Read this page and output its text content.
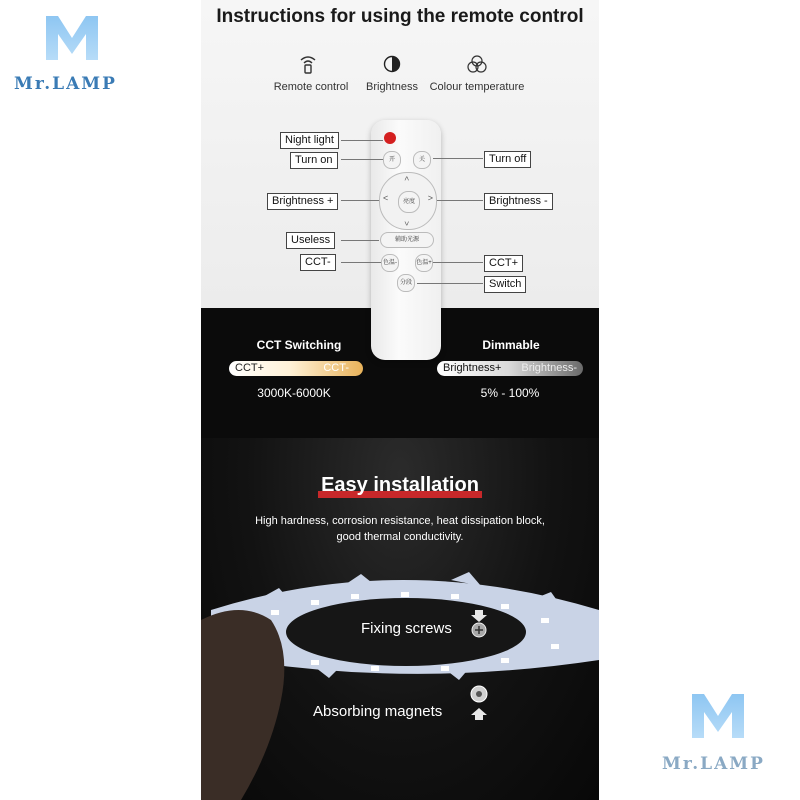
Mr.LAMP
Mr.LAMP
Instructions for using the remote control
Remote control	Brightness	Colour temperature
开	关
<	>
<
>
亮度
辅助光源
色温-	色温+
分段
Night light
Turn on
Brightness +
Useless
CCT-
Turn off
Brightness -
CCT+
Switch
CCT Switching
CCT+	CCT-
3000K-6000K
Dimmable
Brightness+ Brightness-
5% - 100%
Easy installation
High hardness, corrosion resistance, heat dissipation block,
good thermal conductivity.
Fixing screws
Absorbing magnets
